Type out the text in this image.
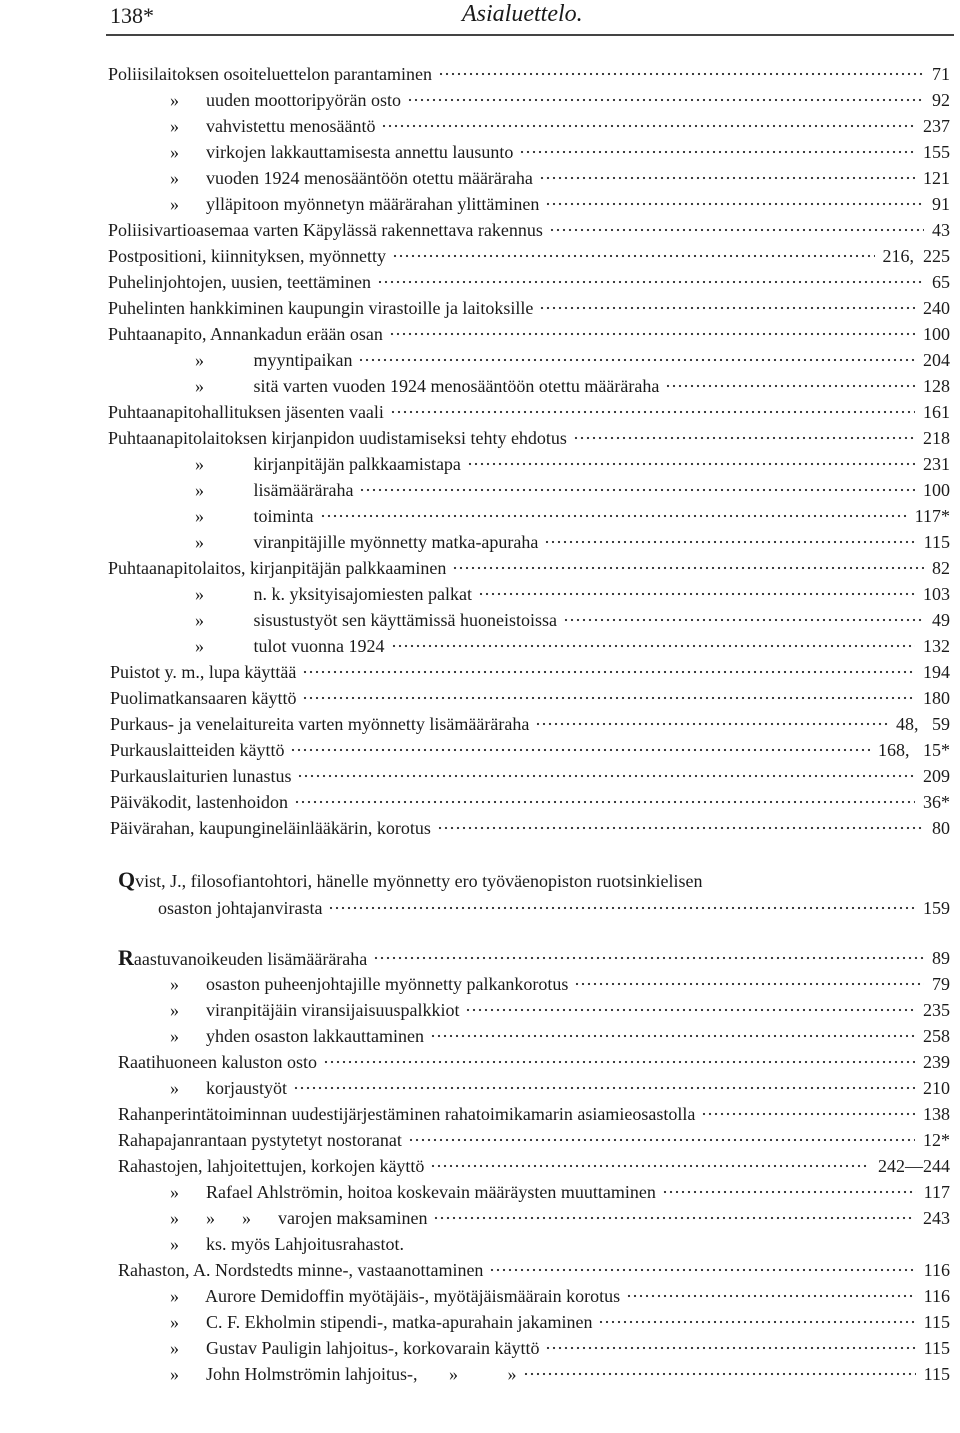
138*	Asialuettelo.
Poliisilaitoksen osoiteluettelon parantaminen	71
»      uuden moottoripyörän osto	92
»      vahvistettu menosääntö	237
»      virkojen lakkauttamisesta annettu lausunto	155
»      vuoden 1924 menosääntöön otettu määräraha	121
»      ylläpitoon myönnetyn määrärahan ylittäminen	91
Poliisivartioasemaa varten Käpylässä rakennettava rakennus	43
Postpositioni, kiinnityksen, myönnetty	216,  225
Puhelinjohtojen, uusien, teettäminen	65
Puhelinten hankkiminen kaupungin virastoille ja laitoksille	240
Puhtaanapito, Annankadun erään osan	100
»           myyntipaikan	204
»           sitä varten vuoden 1924 menosääntöön otettu määräraha	128
Puhtaanapitohallituksen jäsenten vaali	161
Puhtaanapitolaitoksen kirjanpidon uudistamiseksi tehty ehdotus	218
»           kirjanpitäjän palkkaamistapa	231
»           lisämääräraha	100
»           toiminta	117*
»           viranpitäjille myönnetty matka-apuraha	115
Puhtaanapitolaitos, kirjanpitäjän palkkaaminen	82
»           n. k. yksityisajomiesten palkat	103
»           sisustustyöt sen käyttämissä huoneistoissa	49
»           tulot vuonna 1924	132
Puistot y. m., lupa käyttää	194
Puolimatkansaaren käyttö	180
Purkaus- ja venelaitureita varten myönnetty lisämääräraha	48,   59
Purkauslaitteiden käyttö	168,   15*
Purkauslaiturien lunastus	209
Päiväkodit, lastenhoidon	36*
Päivärahan, kaupungineläinlääkärin, korotus	80
Qvist, J., filosofiantohtori, hänelle myönnetty ero työväenopiston ruotsinkielisen
osaston johtajanvirasta	159
Raastuvanoikeuden lisämääräraha	89
»      osaston puheenjohtajille myönnetty palkankorotus	79
»      viranpitäjäin viransijaisuuspalkkiot	235
»      yhden osaston lakkauttaminen	258
Raatihuoneen kaluston osto	239
»      korjaustyöt	210
Rahanperintätoiminnan uudestijärjestäminen rahatoimikamarin asiamieosastolla	138
Rahapajanrantaan pystytetyt nostoranat	12*
Rahastojen, lahjoitettujen, korkojen käyttö	242—244
»      Rafael Ahlströmin, hoitoa koskevain määräysten muuttaminen	117
»      »      »      varojen maksaminen	243
»      ks. myös Lahjoitusrahastot.
Rahaston, A. Nordstedts minne-, vastaanottaminen	116
»      Aurore Demidoffin myötäjäis-, myötäjäismäärain korotus	116
»      C. F. Ekholmin stipendi-, matka-apurahain jakaminen	115
»      Gustav Pauligin lahjoitus-, korkovarain käyttö	115
»      John Holmströmin lahjoitus-,       »           »	115
